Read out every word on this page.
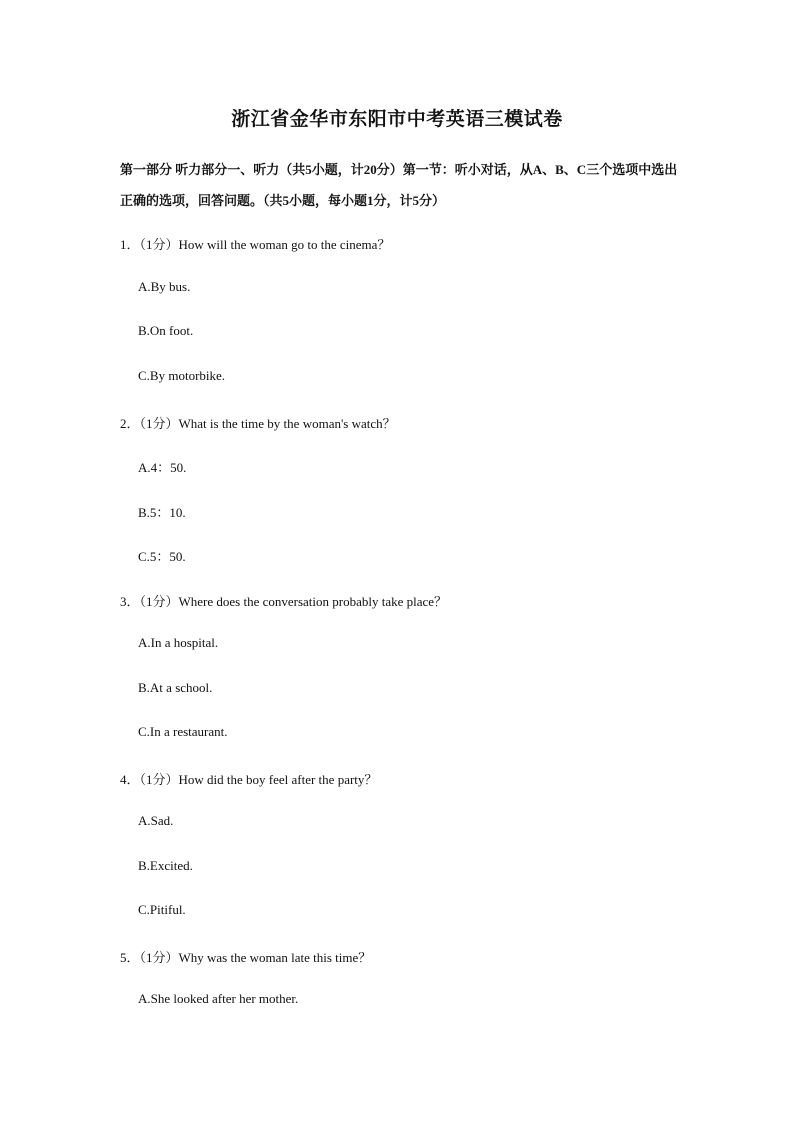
浙江省金华市东阳市中考英语三模试卷
第一部分 听力部分一、听力（共5小题，计20分）第一节：听小对话，从A、B、C三个选项中选出正确的选项，回答问题。（共5小题，每小题1分，计5分）
1．（1分）How will the woman go to the cinema？
A.By bus.
B.On foot.
C.By motorbike.
2．（1分）What is the time by the woman's watch？
A.4：50.
B.5：10.
C.5：50.
3．（1分）Where does the conversation probably take place？
A.In a hospital.
B.At a school.
C.In a restaurant.
4．（1分）How did the boy feel after the party？
A.Sad.
B.Excited.
C.Pitiful.
5．（1分）Why was the woman late this time？
A.She looked after her mother.
